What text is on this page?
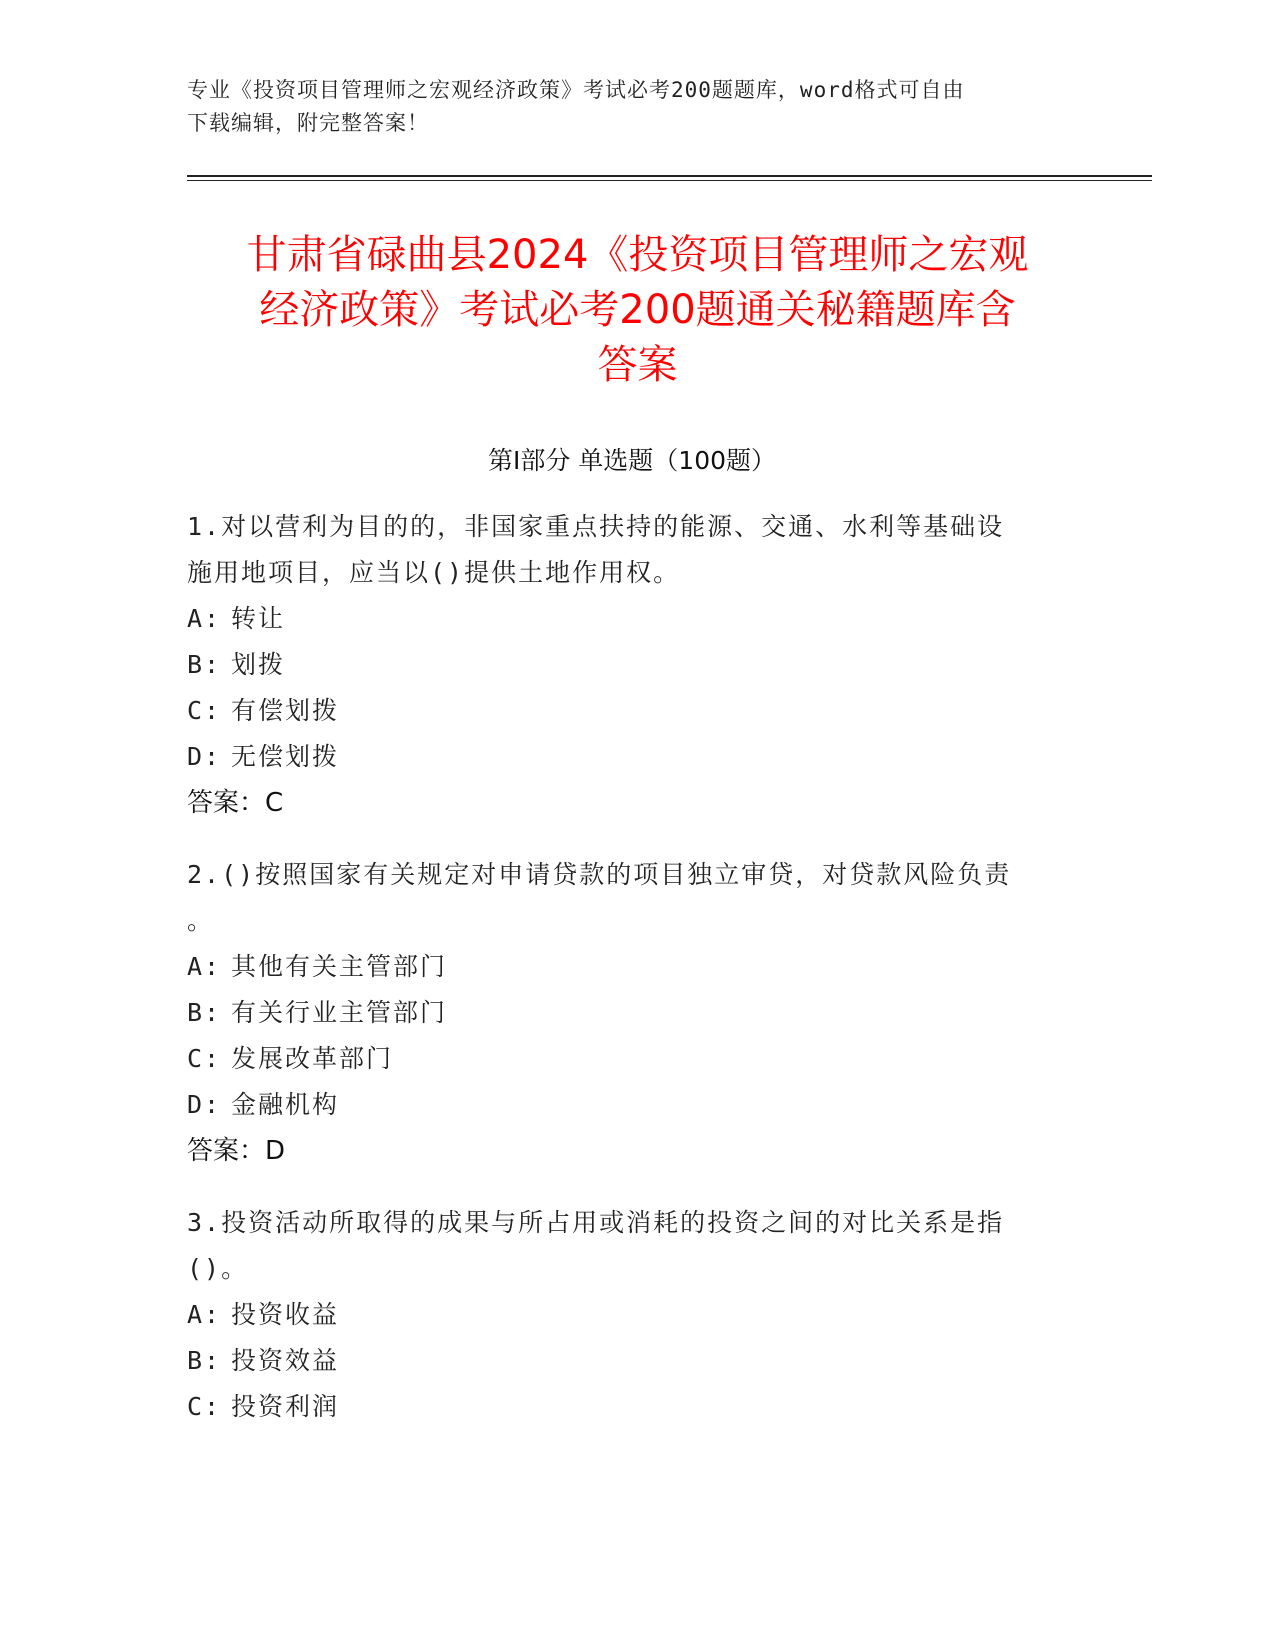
专业《投资项目管理师之宏观经济政策》考试必考200题题库，word格式可自由
下载编辑，附完整答案！
甘肃省碌曲县2024《投资项目管理师之宏观
经济政策》考试必考200题通关秘籍题库含
答案
第Ⅰ部分 单选题（100题）
1.对以营利为目的的，非国家重点扶持的能源、交通、水利等基础设
施用地项目，应当以()提供土地作用权。
A: 转让
B: 划拨
C: 有偿划拨
D: 无偿划拨
答案：C
2.()按照国家有关规定对申请贷款的项目独立审贷，对贷款风险负责
。
A: 其他有关主管部门
B: 有关行业主管部门
C: 发展改革部门
D: 金融机构
答案：D
3.投资活动所取得的成果与所占用或消耗的投资之间的对比关系是指
()。
A: 投资收益
B: 投资效益
C: 投资利润
